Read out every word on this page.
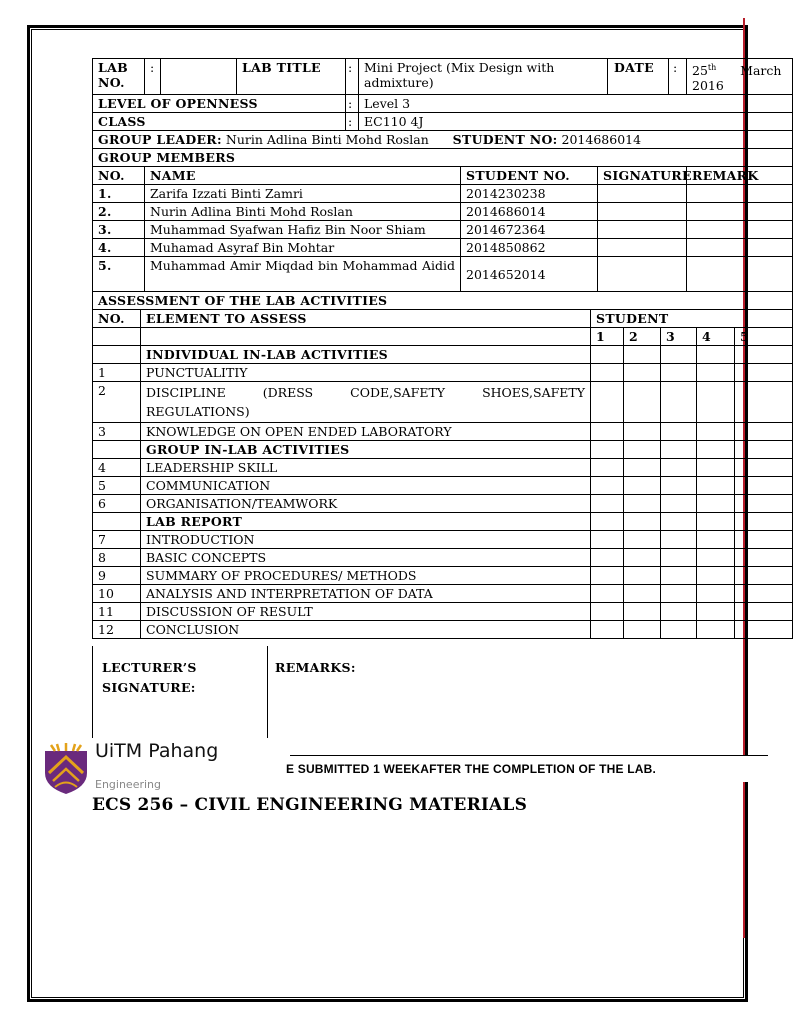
LAB NO.	:		LAB TITLE	:	Mini Project (Mix Design with admixture)			DATE	:	25th March
2016
LEVEL OF OPENNESS				:	Level 3					
CLASS				:	EC110 4J					
GROUP LEADER: Nurin Adlina Binti Mohd Roslan STUDENT NO: 2014686014										
GROUP MEMBERS										
NO.	NAME					STUDENT NO.	SIGNATURE			REMARK
1.	Zarifa Izzati Binti Zamri					2014230238				
2.	Nurin Adlina Binti Mohd Roslan					2014686014				
3.	Muhammad Syafwan Hafiz Bin Noor Shiam					2014672364				
4.	Muhamad Asyraf Bin Mohtar					2014850862				
5.	Muhammad Amir Miqdad bin Mohammad Aidid					2014652014				
ASSESSMENT OF THE LAB ACTIVITIES										
NO.	ELEMENT TO ASSESS	STUDENT				
		1	2	3	4	5
	INDIVIDUAL IN-LAB ACTIVITIES					
1	PUNCTUALITIY					
2	DISCIPLINE (DRESS CODE,SAFETY SHOES,SAFETY
REGULATIONS)					

3	KNOWLEDGE ON OPEN ENDED LABORATORY					
	GROUP IN-LAB ACTIVITIES					
4	LEADERSHIP SKILL					
5	COMMUNICATION					
6	ORGANISATION/TEAMWORK					
	LAB REPORT					
7	INTRODUCTION					
8	BASIC CONCEPTS					
9	SUMMARY OF PROCEDURES/ METHODS					
10	ANALYSIS AND INTERPRETATION OF DATA					
11	DISCUSSION OF RESULT					
12	CONCLUSION					
LECTURER’S
SIGNATURE:
REMARKS:
UiTM Pahang
Engineering
E SUBMITTED 1 WEEKAFTER THE COMPLETION OF THE LAB.
ECS 256 – CIVIL ENGINEERING MATERIALS
